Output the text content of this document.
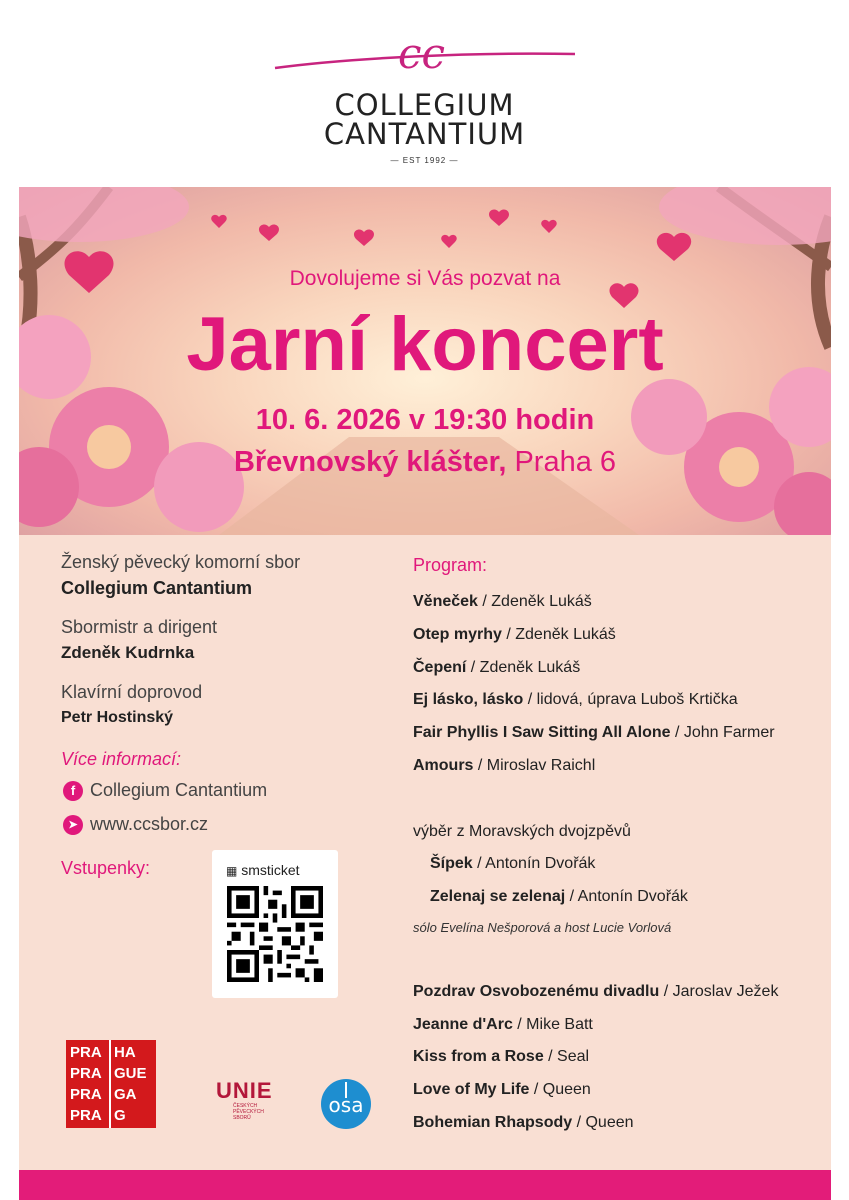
cc
COLLEGIUM
CANTANTIUM
— EST 1992 —
Dovolujeme si Vás pozvat na
Jarní koncert
10. 6. 2026 v 19:30 hodin
Břevnovský klášter, Praha 6
Ženský pěvecký komorní sbor
Collegium Cantantium
Sbormistr a dirigent
Zdeněk Kudrnka
Klavírní doprovod
Petr Hostinský
Více informací:
f Collegium Cantantium
➤ www.ccsbor.cz
Vstupenky:	▦ smsticket
PRA HA
PRA GUE
PRA GA
PRA G
UNIE
ČESKÝCH
PĚVECKÝCH
SBORŮ
osa
Program:
Věneček / Zdeněk Lukáš
Otep myrhy / Zdeněk Lukáš
Čepení / Zdeněk Lukáš
Ej lásko, lásko / lidová, úprava Luboš Krtička
Fair Phyllis I Saw Sitting All Alone / John Farmer
Amours / Miroslav Raichl
výběr z Moravských dvojzpěvů
Šípek / Antonín Dvořák
Zelenaj se zelenaj / Antonín Dvořák
sólo Evelína Nešporová a host Lucie Vorlová
Pozdrav Osvobozenému divadlu / Jaroslav Ježek
Jeanne d'Arc / Mike Batt
Kiss from a Rose / Seal
Love of My Life / Queen
Bohemian Rhapsody / Queen
